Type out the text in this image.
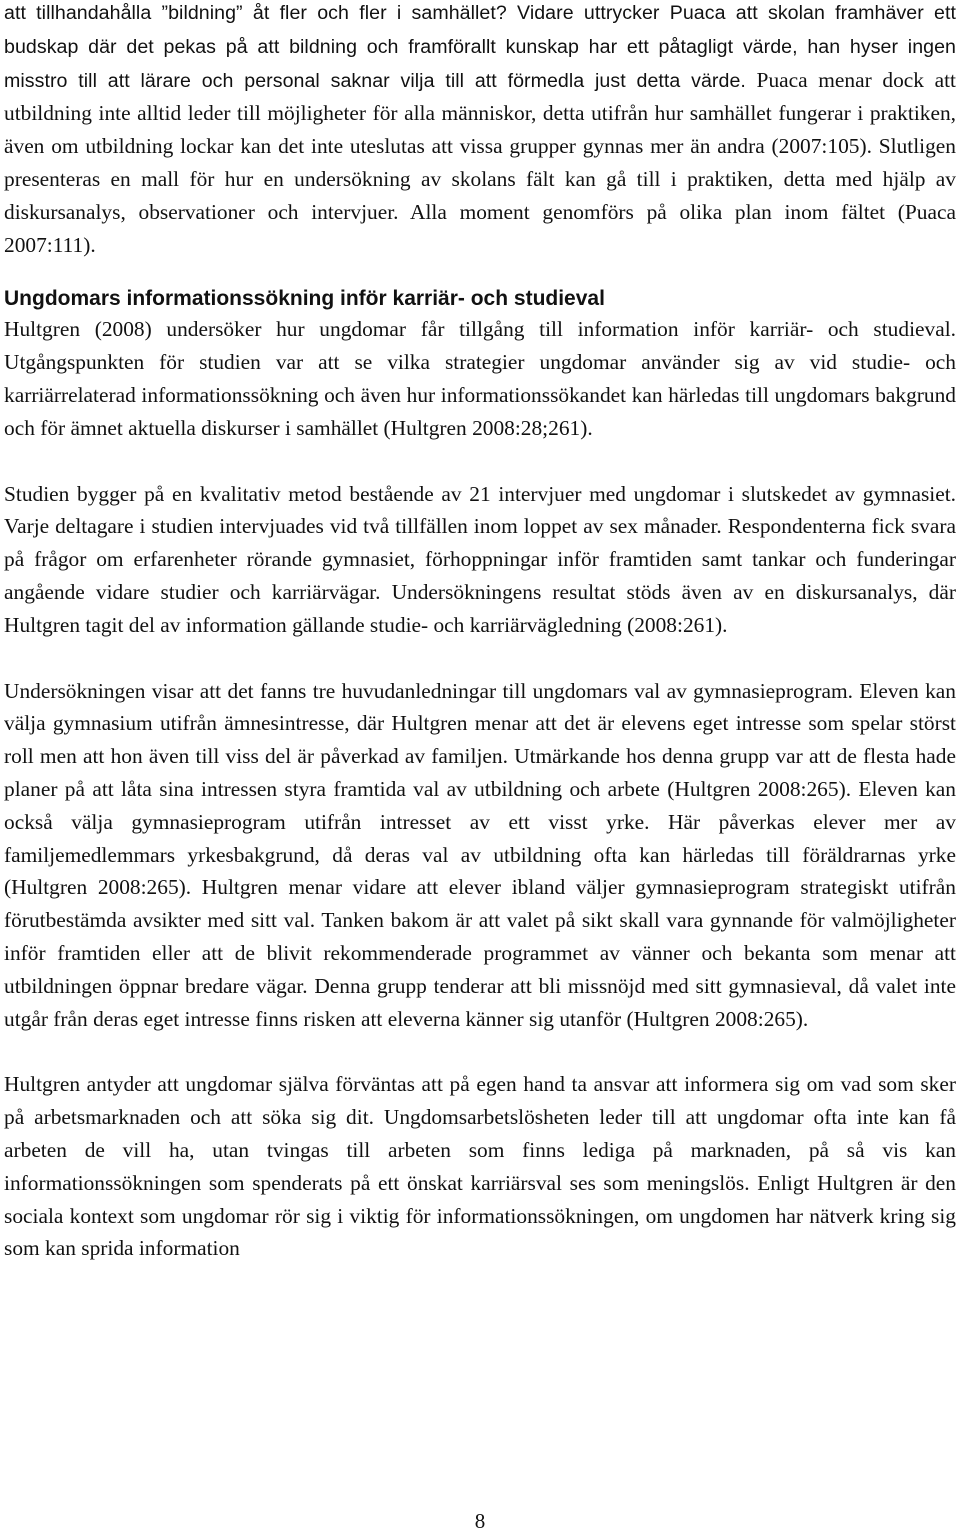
att tillhandahålla ”bildning” åt fler och fler i samhället? Vidare uttrycker Puaca att skolan framhäver ett budskap där det pekas på att bildning och framförallt kunskap har ett påtagligt värde, han hyser ingen misstro till att lärare och personal saknar vilja till att förmedla just detta värde. Puaca menar dock att utbildning inte alltid leder till möjligheter för alla människor, detta utifrån hur samhället fungerar i praktiken, även om utbildning lockar kan det inte uteslutas att vissa grupper gynnas mer än andra (2007:105). Slutligen presenteras en mall för hur en undersökning av skolans fält kan gå till i praktiken, detta med hjälp av diskursanalys, observationer och intervjuer. Alla moment genomförs på olika plan inom fältet (Puaca 2007:111).

Ungdomars informationssökning inför karriär- och studieval

Hultgren (2008) undersöker hur ungdomar får tillgång till information inför karriär- och studieval. Utgångspunkten för studien var att se vilka strategier ungdomar använder sig av vid studie- och karriärrelaterad informationssökning och även hur informationssökandet kan härledas till ungdomars bakgrund och för ämnet aktuella diskurser i samhället (Hultgren 2008:28;261).

Studien bygger på en kvalitativ metod bestående av 21 intervjuer med ungdomar i slutskedet av gymnasiet. Varje deltagare i studien intervjuades vid två tillfällen inom loppet av sex månader. Respondenterna fick svara på frågor om erfarenheter rörande gymnasiet, förhoppningar inför framtiden samt tankar och funderingar angående vidare studier och karriärvägar. Undersökningens resultat stöds även av en diskursanalys, där Hultgren tagit del av information gällande studie- och karriärvägledning (2008:261).

Undersökningen visar att det fanns tre huvudanledningar till ungdomars val av gymnasieprogram. Eleven kan välja gymnasium utifrån ämnesintresse, där Hultgren menar att det är elevens eget intresse som spelar störst roll men att hon även till viss del är påverkad av familjen. Utmärkande hos denna grupp var att de flesta hade planer på att låta sina intressen styra framtida val av utbildning och arbete (Hultgren 2008:265). Eleven kan också välja gymnasieprogram utifrån intresset av ett visst yrke. Här påverkas elever mer av familjemedlemmars yrkesbakgrund, då deras val av utbildning ofta kan härledas till föräldrarnas yrke (Hultgren 2008:265). Hultgren menar vidare att elever ibland väljer gymnasieprogram strategiskt utifrån förutbestämda avsikter med sitt val. Tanken bakom är att valet på sikt skall vara gynnande för valmöjligheter inför framtiden eller att de blivit rekommenderade programmet av vänner och bekanta som menar att utbildningen öppnar bredare vägar. Denna grupp tenderar att bli missnöjd med sitt gymnasieval, då valet inte utgår från deras eget intresse finns risken att eleverna känner sig utanför (Hultgren 2008:265).

Hultgren antyder att ungdomar själva förväntas att på egen hand ta ansvar att informera sig om vad som sker på arbetsmarknaden och att söka sig dit. Ungdomsarbetslösheten leder till att ungdomar ofta inte kan få arbeten de vill ha, utan tvingas till arbeten som finns lediga på marknaden, på så vis kan informationssökningen som spenderats på ett önskat karriärsval ses som meningslös. Enligt Hultgren är den sociala kontext som ungdomar rör sig i viktig för informationssökningen, om ungdomen har nätverk kring sig som kan sprida information

8
